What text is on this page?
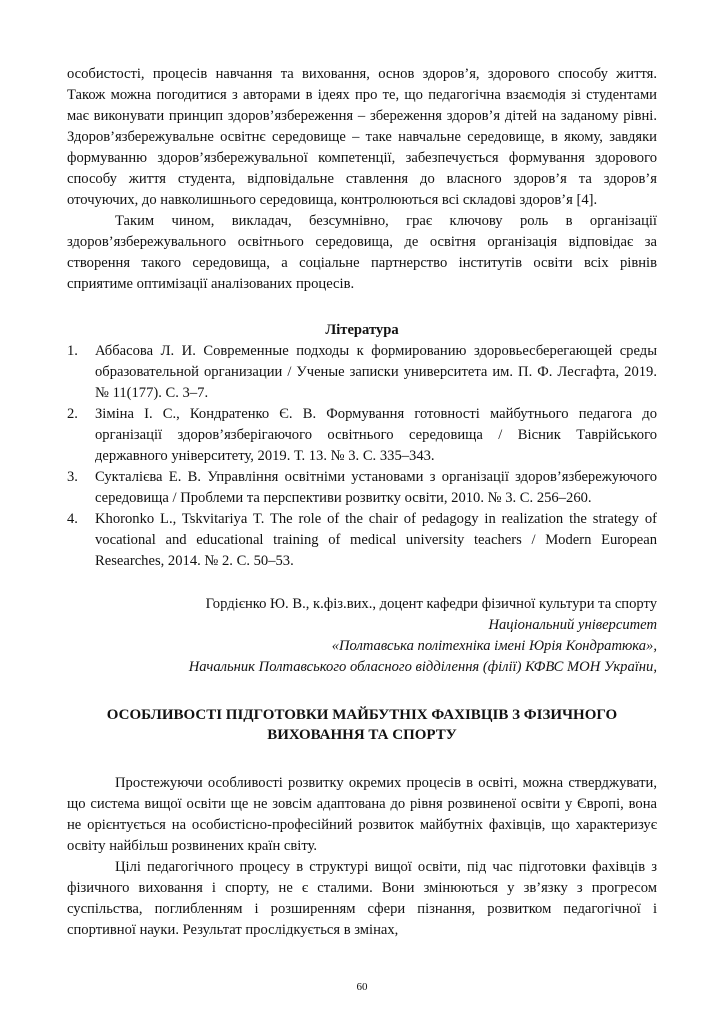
особистості, процесів навчання та виховання, основ здоров’я, здорового способу життя. Також можна погодитися з авторами в ідеях про те, що педагогічна взаємодія зі студентами має виконувати принцип здоров’язбереження – збереження здоров’я дітей на заданому рівні. Здоров’язбережувальне освітнє середовище – таке навчальне середовище, в якому, завдяки формуванню здоров’язбережувальної компетенції, забезпечується формування здорового способу життя студента, відповідальне ставлення до власного здоров’я та здоров’я оточуючих, до навколишнього середовища, контролюються всі складові здоров’я [4].

Таким чином, викладач, безсумнівно, грає ключову роль в організації здоров’язбережувального освітнього середовища, де освітня організація відповідає за створення такого середовища, а соціальне партнерство інститутів освіти всіх рівнів сприятиме оптимізації аналізованих процесів.

Література
1. Аббасова Л. И. Современные подходы к формированию здоровьесберегающей среды образовательной организации / Ученые записки университета им. П. Ф. Лесгафта, 2019. № 11(177). С. 3–7.
2. Зіміна І. С., Кондратенко Є. В. Формування готовності майбутнього педагога до організації здоров’язберігаючого освітнього середовища / Вісник Таврійського державного університету, 2019. Т. 13. № 3. С. 335–343.
3. Сукталієва Е. В. Управління освітніми установами з організації здоров’язбережуючого середовища / Проблеми та перспективи розвитку освіти, 2010. № 3. С. 256–260.
4. Khoronko L., Tskvitariya T. The role of the chair of pedagogy in realization the strategy of vocational and educational training of medical university teachers / Modern European Researches, 2014. № 2. С. 50–53.
Гордієнко Ю. В., к.фіз.вих., доцент кафедри фізичної культури та спорту
Національний університет
«Полтавська політехніка імені Юрія Кондратюка»,
Начальник Полтавського обласного відділення (філії) КФВС МОН України,
ОСОБЛИВОСТІ ПІДГОТОВКИ МАЙБУТНІХ ФАХІВЦІВ З ФІЗИЧНОГО
ВИХОВАННЯ ТА СПОРТУ

Простежуючи особливості розвитку окремих процесів в освіті, можна стверджувати, що система вищої освіти ще не зовсім адаптована до рівня розвиненої освіти у Європі, вона не орієнтується на особистісно-професійний розвиток майбутніх фахівців, що характеризує освіту найбільш розвинених країн світу.

Цілі педагогічного процесу в структурі вищої освіти, під час підготовки фахівців з фізичного виховання і спорту, не є сталими. Вони змінюються у зв’язку з прогресом суспільства, поглибленням і розширенням сфери пізнання, розвитком педагогічної і спортивної науки. Результат прослідкується в змінах,

60
